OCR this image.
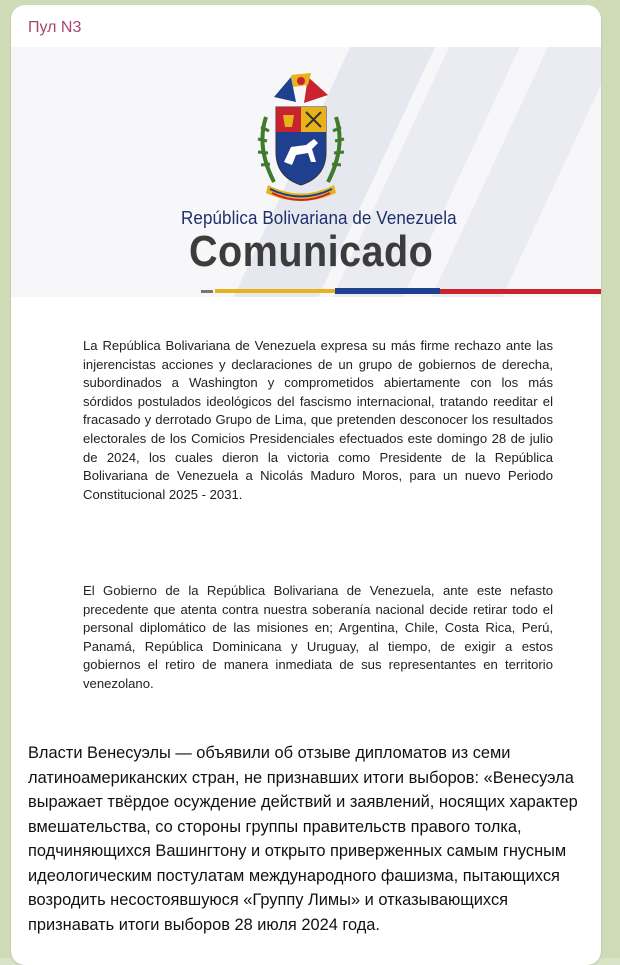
Пул N3
República Bolivariana de Venezuela
Comunicado
La República Bolivariana de Venezuela expresa su más firme rechazo ante las injerencistas acciones y declaraciones de un grupo de gobiernos de derecha, subordinados a Washington y comprometidos abiertamente con los más sórdidos postulados ideológicos del fascismo internacional, tratando reeditar el fracasado y derrotado Grupo de Lima, que pretenden desconocer los resultados electorales de los Comicios Presidenciales efectuados este domingo 28 de julio de 2024, los cuales dieron la victoria como Presidente de la República Bolivariana de Venezuela a Nicolás Maduro Moros, para un nuevo Periodo Constitucional 2025 - 2031.
El Gobierno de la República Bolivariana de Venezuela, ante este nefasto precedente que atenta contra nuestra soberanía nacional decide retirar todo el personal diplomático de las misiones en; Argentina, Chile, Costa Rica, Perú, Panamá, República Dominicana y Uruguay, al tiempo, de exigir a estos gobiernos el retiro de manera inmediata de sus representantes en territorio venezolano.
Власти Венесуэлы — объявили об отзыве дипломатов из семи латиноамериканских стран, не признавших итоги выборов: «Венесуэла выражает твёрдое осуждение действий и заявлений, носящих характер вмешательства, со стороны группы правительств правого толка, подчиняющихся Вашингтону и открыто приверженных самым гнусным идеологическим постулатам международного фашизма, пытающихся возродить несостоявшуюся «Группу Лимы» и отказывающихся признавать итоги выборов 28 июля 2024 года.
